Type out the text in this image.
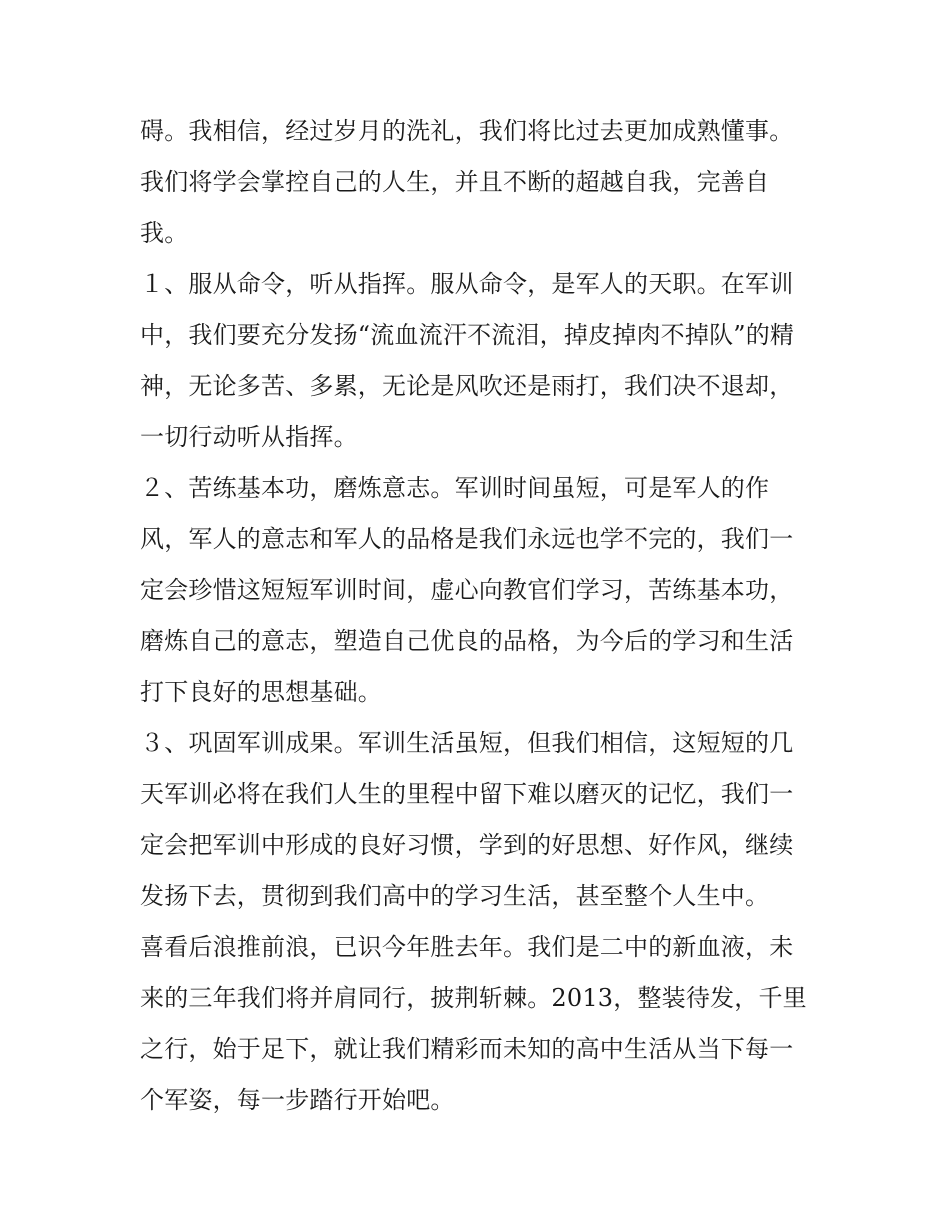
碍。我相信，经过岁月的洗礼，我们将比过去更加成熟懂事。
我们将学会掌控自己的人生，并且不断的超越自我，完善自
我。
１、服从命令，听从指挥。服从命令，是军人的天职。在军训
中，我们要充分发扬“流血流汗不流泪，掉皮掉肉不掉队”的精
神，无论多苦、多累，无论是风吹还是雨打，我们决不退却，
一切行动听从指挥。
２、苦练基本功，磨炼意志。军训时间虽短，可是军人的作
风，军人的意志和军人的品格是我们永远也学不完的，我们一
定会珍惜这短短军训时间，虚心向教官们学习，苦练基本功，
磨炼自己的意志，塑造自己优良的品格，为今后的学习和生活
打下良好的思想基础。
３、巩固军训成果。军训生活虽短，但我们相信，这短短的几
天军训必将在我们人生的里程中留下难以磨灭的记忆，我们一
定会把军训中形成的良好习惯，学到的好思想、好作风，继续
发扬下去，贯彻到我们高中的学习生活，甚至整个人生中。
喜看后浪推前浪，已识今年胜去年。我们是二中的新血液，未
来的三年我们将并肩同行，披荆斩棘。2013，整装待发，千里
之行，始于足下，就让我们精彩而未知的高中生活从当下每一
个军姿，每一步踏行开始吧。
